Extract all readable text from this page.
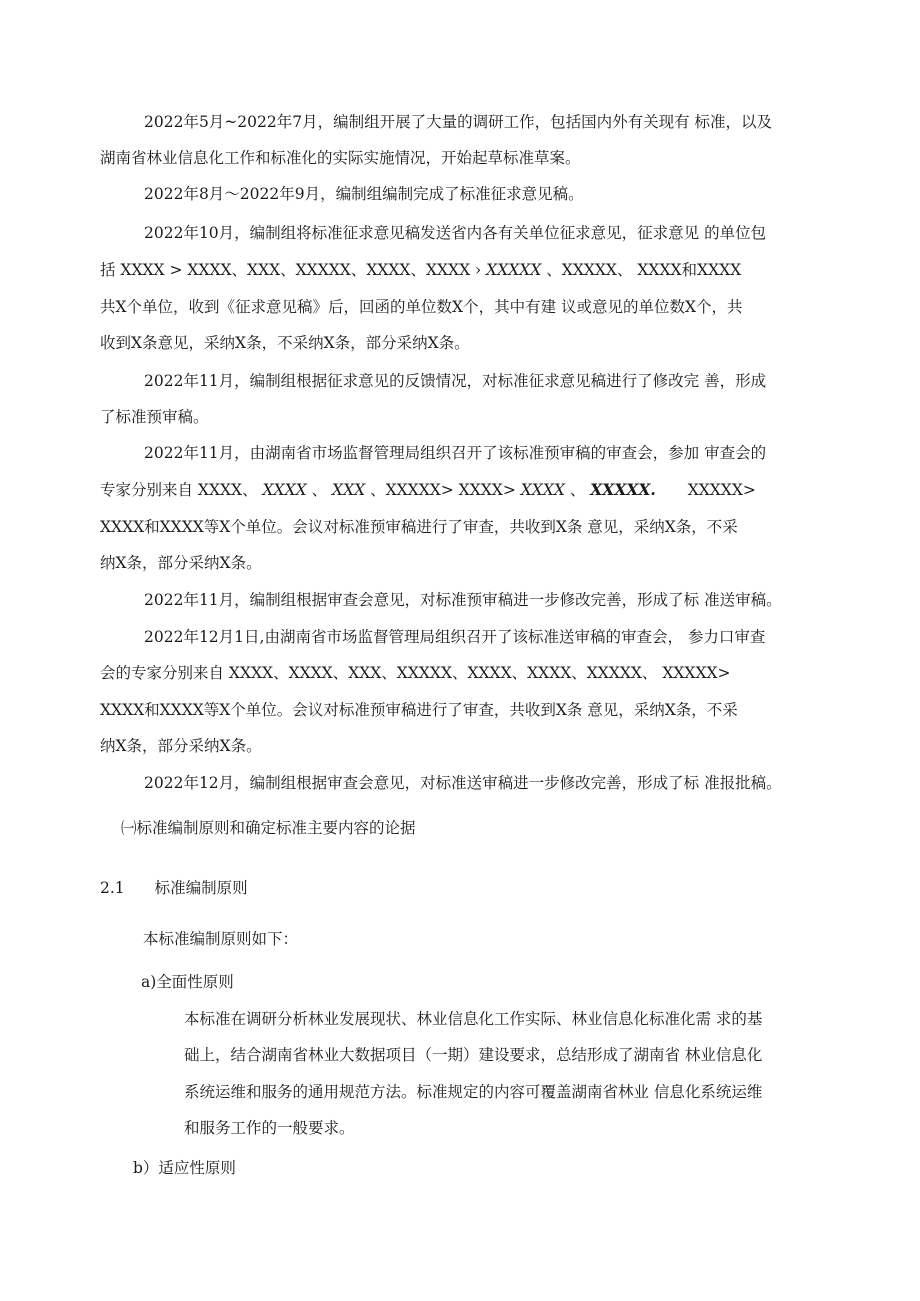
2022年5月~2022年7月，编制组开展了大量的调研工作，包括国内外有关现有 标准，以及
湖南省林业信息化工作和标准化的实际实施情况，开始起草标准草案。
2022年8月～2022年9月，编制组编制完成了标准征求意见稿。
2022年10月，编制组将标准征求意见稿发送省内各有关单位征求意见，征求意见 的单位包
括 XXXX > XXXX、XXX、XXXXX、XXXX、XXXX › XXXXX 、XXXXX、 XXXX和XXXX
共X个单位，收到《征求意见稿》后，回函的单位数X个，其中有建 议或意见的单位数X个，共
收到X条意见，采纳X条，不采纳X条，部分采纳X条。
2022年11月，编制组根据征求意见的反馈情况，对标准征求意见稿进行了修改完 善，形成
了标准预审稿。
2022年11月，由湖南省市场监督管理局组织召开了该标准预审稿的审查会，参加 审查会的
专家分别来自 XXXX、 XXXX 、 XXX 、XXXXX> XXXX> XXXX 、 XXXXX. XXXXX>
XXXX和XXXX等X个单位。会议对标准预审稿进行了审查，共收到X条 意见，采纳X条，不采
纳X条，部分采纳X条。
2022年11月，编制组根据审查会意见，对标准预审稿进一步修改完善，形成了标 准送审稿。
2022年12月1日,由湖南省市场监督管理局组织召开了该标准送审稿的审查会， 参力口审查
会的专家分别来自 XXXX、XXXX、XXX、XXXXX、XXXX、XXXX、XXXXX、 XXXXX>
XXXX和XXXX等X个单位。会议对标准预审稿进行了审查，共收到X条 意见，采纳X条，不采
纳X条，部分采纳X条。
2022年12月，编制组根据审查会意见，对标准送审稿进一步修改完善，形成了标 准报批稿。
㈠标准编制原则和确定标准主要内容的论据
2.1 标准编制原则
本标准编制原则如下：
a)全面性原则
本标准在调研分析林业发展现状、林业信息化工作实际、林业信息化标准化需 求的基
础上，结合湖南省林业大数据项目（一期）建设要求，总结形成了湖南省 林业信息化
系统运维和服务的通用规范方法。标准规定的内容可覆盖湖南省林业 信息化系统运维
和服务工作的一般要求。
b）适应性原则
